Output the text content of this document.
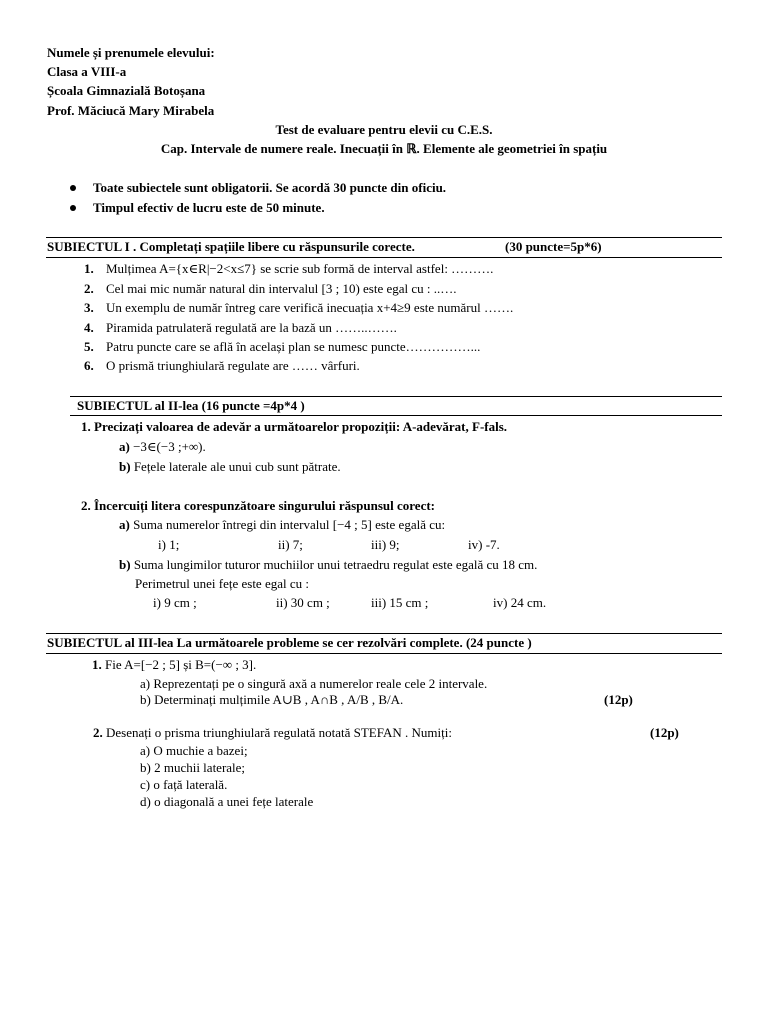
Numele și prenumele elevului:
Clasa a VIII-a
Școala Gimnazială Botoșana
Prof. Măciucă Mary Mirabela
Test de evaluare pentru elevii cu C.E.S.
Cap. Intervale de numere reale. Inecuații în ℝ. Elemente ale geometriei în spațiu
Toate subiectele sunt obligatorii. Se acordă 30 puncte din oficiu.
Timpul efectiv de lucru este de 50 minute.
SUBIECTUL I . Completați spațiile libere cu răspunsurile corecte.	(30 puncte=5p*6)
1. Mulțimea A={x∈R|−2<x≤7} se scrie sub formă de interval astfel: ……….
2. Cel mai mic număr natural din intervalul [3 ; 10) este egal cu : ..….
3. Un exemplu de număr întreg care verifică inecuația x+4≥9 este numărul …….
4. Piramida patrulateră regulată are la bază un ……..…….
5. Patru puncte care se află în același plan se numesc puncte……………...
6. O prismă triunghiulară regulate are …… vârfuri.
SUBIECTUL al II-lea (16 puncte =4p*4 )
1. Precizați valoarea de adevăr a următoarelor propoziții: A-adevărat, F-fals.
a) −3∈(−3 ;+∞).
b) Fețele laterale ale unui cub sunt pătrate.
2. Încercuiți litera corespunzătoare singurului răspunsul corect:
a) Suma numerelor întregi din intervalul [−4 ; 5] este egală cu:
i) 1;	ii) 7;	iii) 9;	iv) -7.
b) Suma lungimilor tuturor muchiilor unui tetraedru regulat este egală cu 18 cm.
Perimetrul unei fețe este egal cu :
i) 9 cm ;	ii) 30 cm ;	iii) 15 cm ;	iv) 24 cm.
SUBIECTUL al III-lea La următoarele probleme se cer rezolvări complete. (24 puncte )
1. Fie A=[−2 ; 5] și B=(−∞ ; 3].
a) Reprezentați pe o singură axă a numerelor reale cele 2 intervale.
b) Determinați mulțimile A∪B , A∩B , A/B , B/A.	(12p)
2. Desenați o prisma triunghiulară regulată notată STEFAN . Numiți:	(12p)
a) O muchie a bazei;
b) 2 muchii laterale;
c) o față laterală.
d) o diagonală a unei fețe laterale
